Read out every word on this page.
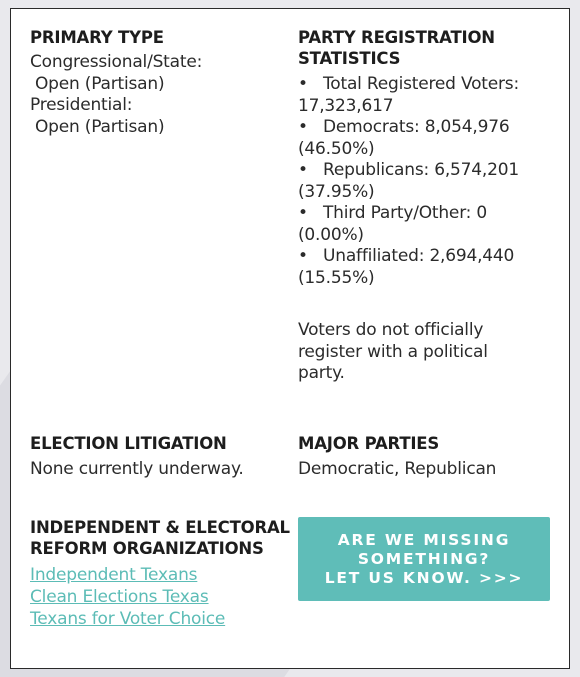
PRIMARY TYPE
Congressional/State:
Open (Partisan)
Presidential:
Open (Partisan)
PARTY REGISTRATION
STATISTICS
• Total Registered Voters:
17,323,617
• Democrats: 8,054,976
(46.50%)
• Republicans: 6,574,201
(37.95%)
• Third Party/Other: 0
(0.00%)
• Unaffiliated: 2,694,440
(15.55%)
Voters do not officially
register with a political
party.
ELECTION LITIGATION
None currently underway.
MAJOR PARTIES
Democratic, Republican
INDEPENDENT & ELECTORAL
REFORM ORGANIZATIONS
Independent Texans
Clean Elections Texas
Texans for Voter Choice
ARE WE MISSING
SOMETHING?
LET US KNOW. >>>
